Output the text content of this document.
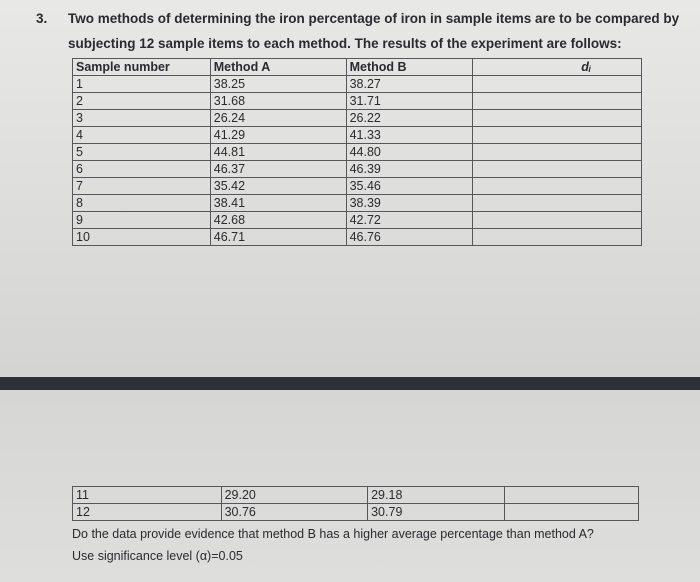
3. Two methods of determining the iron percentage of iron in sample items are to be compared by
subjecting 12 sample items to each method. The results of the experiment are follows:
Sample number	Method A	Method B	dᵢ
1	38.25	38.27	
2	31.68	31.71	
3	26.24	26.22	
4	41.29	41.33	
5	44.81	44.80	
6	46.37	46.39	
7	35.42	35.46	
8	38.41	38.39	
9	42.68	42.72	
10	46.71	46.76	
11	29.20	29.18	
12	30.76	30.79	
Do the data provide evidence that method B has a higher average percentage than method A?
Use significance level (α)=0.05
